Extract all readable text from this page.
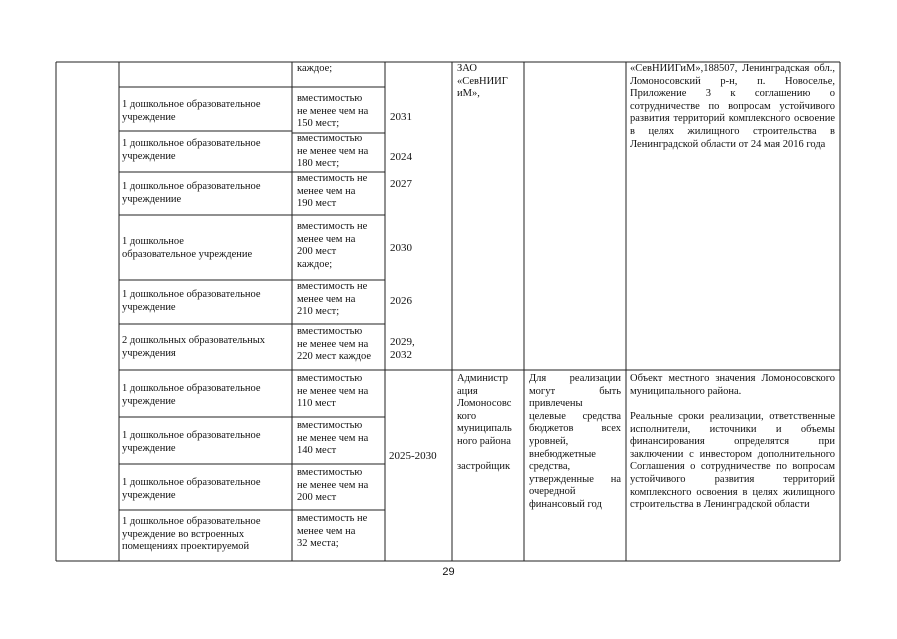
каждое;
1 дошкольное образовательное
учреждение
1 дошкольное образовательное
учреждение
1 дошкольное образовательное
учреждениие
1 дошкольное
образовательное учреждение
1 дошкольное образовательное
учреждение
2 дошкольных образовательных
учреждения
вместимостью
не менее чем на
150 мест;
вместимостью
не менее чем на
180 мест;
вместимость не
менее чем на
190 мест
вместимость не
менее чем на
200 мест
каждое;
вместимость не
менее чем на
210 мест;
вместимостью
не менее чем на
220 мест каждое
2031
2024
2027
2030
2026
2029,
2032
ЗАО
«СевНИИГ
иМ»,
«СевНИИГиМ»,188507, Ленинградская обл., Ломоносовский р-н, п. Новоселье, Приложение 3 к соглашению о сотрудничестве по вопросам устойчивого развития территорий комплексного освоение в целях жилищного строительства в Ленинградской области от 24 мая 2016 года
1 дошкольное образовательное
учреждение
1 дошкольное образовательное
учреждение
1 дошкольное образовательное
учреждение
1 дошкольное образовательное
учреждение во встроенных
помещениях проектируемой
вместимостью
не менее чем на
110 мест
вместимостью
не менее чем на
140 мест
вместимостью
не менее чем на
200 мест
вместимость не
менее чем на
32 места;
2025-2030
Администр
ация
Ломоносовс
кого
муниципаль
ного района

застройщик
Для реализации могут быть привлечены целевые средства бюджетов всех уровней, внебюджетные средства, утвержденные на очередной финансовый год
Объект местного значения Ломоносовского муниципального района.
Реальные сроки реализации, ответственные исполнители, источники и объемы финансирования определятся при заключении с инвестором дополнительного Соглашения о сотрудничестве по вопросам устойчивого развития территорий комплексного освоения в целях жилищного строительства в Ленинградской области
29
